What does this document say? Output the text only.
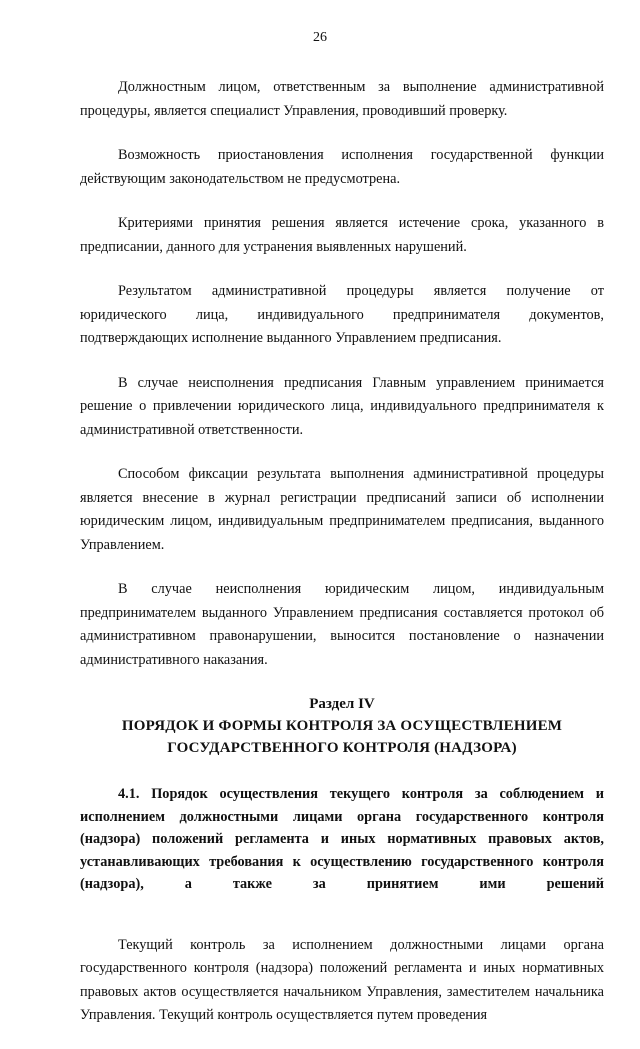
26

Должностным лицом, ответственным за выполнение административной процедуры, является специалист Управления, проводивший проверку.

Возможность приостановления исполнения государственной функции действующим законодательством не предусмотрена.

Критериями принятия решения является истечение срока, указанного в предписании, данного для устранения выявленных нарушений.

Результатом административной процедуры является получение от юридического лица, индивидуального предпринимателя документов, подтверждающих исполнение выданного Управлением предписания.

В случае неисполнения предписания Главным управлением принимается решение о привлечении юридического лица, индивидуального предпринимателя к административной ответственности.

Способом фиксации результата выполнения административной процедуры является внесение в журнал регистрации предписаний записи об исполнении юридическим лицом, индивидуальным предпринимателем предписания, выданного Управлением.

В случае неисполнения юридическим лицом, индивидуальным предпринимателем выданного Управлением предписания составляется протокол об административном правонарушении, выносится постановление о назначении административного наказания.

Раздел IV

ПОРЯДОК И ФОРМЫ КОНТРОЛЯ ЗА ОСУЩЕСТВЛЕНИЕМ
ГОСУДАРСТВЕННОГО КОНТРОЛЯ (НАДЗОРА)

4.1. Порядок осуществления текущего контроля за соблюдением и исполнением должностными лицами органа государственного контроля (надзора) положений регламента и иных нормативных правовых актов, устанавливающих требования к осуществлению государственного контроля (надзора), а также за принятием ими решений

Текущий контроль за исполнением должностными лицами органа государственного контроля (надзора) положений регламента и иных нормативных правовых актов осуществляется начальником Управления, заместителем начальника Управления. Текущий контроль осуществляется путем проведения
